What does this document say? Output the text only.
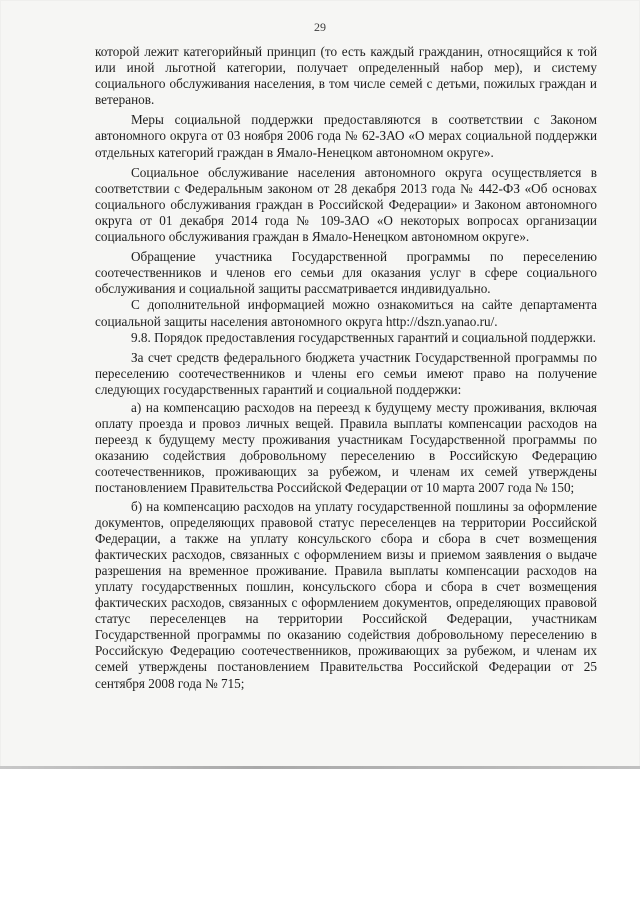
29

которой лежит категорийный принцип (то есть каждый гражданин, относящийся к той или иной льготной категории, получает определенный набор мер), и систему социального обслуживания населения, в том числе семей с детьми, пожилых граждан и ветеранов.

Меры социальной поддержки предоставляются в соответствии с Законом автономного округа от 03 ноября 2006 года № 62-ЗАО «О мерах социальной поддержки отдельных категорий граждан в Ямало-Ненецком автономном округе».

Социальное обслуживание населения автономного округа осуществляется в соответствии с Федеральным законом от 28 декабря 2013 года № 442-ФЗ «Об основах социального обслуживания граждан в Российской Федерации» и Законом автономного округа от 01 декабря 2014 года № 109-ЗАО «О некоторых вопросах организации социального обслуживания граждан в Ямало-Ненецком автономном округе».

Обращение участника Государственной программы по переселению соотечественников и членов его семьи для оказания услуг в сфере социального обслуживания и социальной защиты рассматривается индивидуально.

С дополнительной информацией можно ознакомиться на сайте департамента социальной защиты населения автономного округа http://dszn.yanao.ru/.

9.8. Порядок предоставления государственных гарантий и социальной поддержки.

За счет средств федерального бюджета участник Государственной программы по переселению соотечественников и члены его семьи имеют право на получение следующих государственных гарантий и социальной поддержки:

а) на компенсацию расходов на переезд к будущему месту проживания, включая оплату проезда и провоз личных вещей. Правила выплаты компенсации расходов на переезд к будущему месту проживания участникам Государственной программы по оказанию содействия добровольному переселению в Российскую Федерацию соотечественников, проживающих за рубежом, и членам их семей утверждены постановлением Правительства Российской Федерации от 10 марта 2007 года № 150;

б) на компенсацию расходов на уплату государственной пошлины за оформление документов, определяющих правовой статус переселенцев на территории Российской Федерации, а также на уплату консульского сбора и сбора в счет возмещения фактических расходов, связанных с оформлением визы и приемом заявления о выдаче разрешения на временное проживание. Правила выплаты компенсации расходов на уплату государственных пошлин, консульского сбора и сбора в счет возмещения фактических расходов, связанных с оформлением документов, определяющих правовой статус переселенцев на территории Российской Федерации, участникам Государственной программы по оказанию содействия добровольному переселению в Российскую Федерацию соотечественников, проживающих за рубежом, и членам их семей утверждены постановлением Правительства Российской Федерации от 25 сентября 2008 года № 715;
